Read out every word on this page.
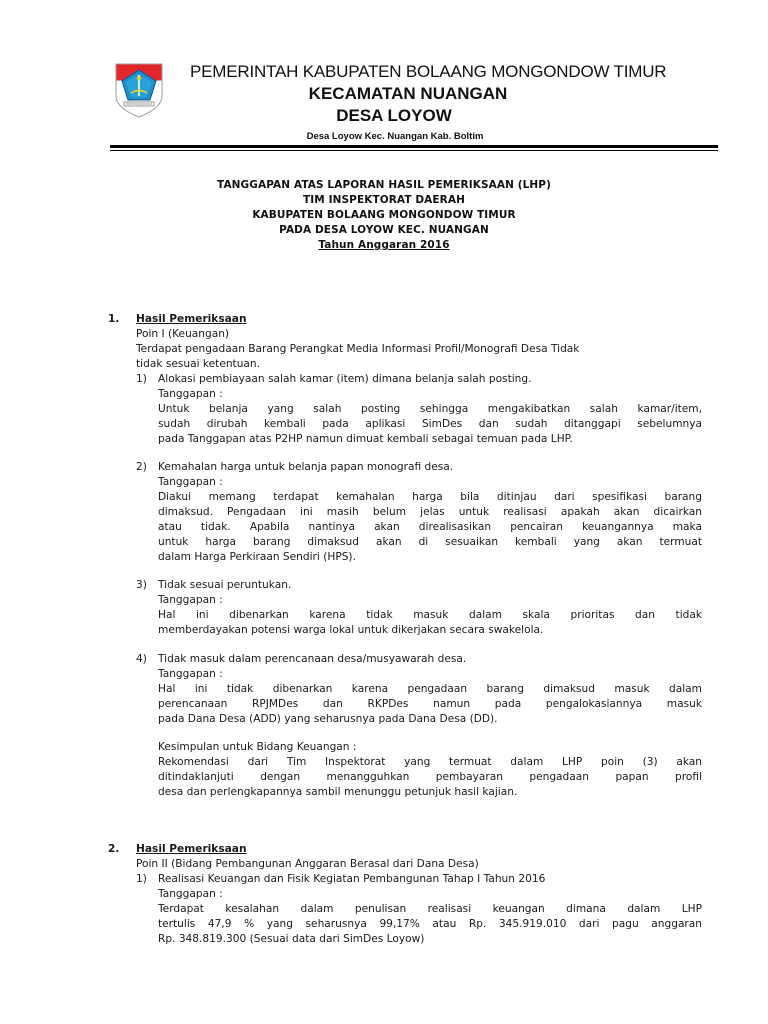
PEMERINTAH KABUPATEN BOLAANG MONGONDOW TIMUR
KECAMATAN NUANGAN
DESA LOYOW
Desa Loyow Kec. Nuangan Kab. Boltim
TANGGAPAN ATAS LAPORAN HASIL PEMERIKSAAN (LHP)
TIM INSPEKTORAT DAERAH
KABUPATEN BOLAANG MONGONDOW TIMUR
PADA DESA LOYOW KEC. NUANGAN
Tahun Anggaran 2016
1. Hasil Pemeriksaan
Poin I (Keuangan)
Terdapat pengadaan Barang Perangkat Media Informasi Profil/Monografi Desa Tidak
tidak sesuai ketentuan.
1) Alokasi pembiayaan salah kamar (item) dimana belanja salah posting.
Tanggapan :
Untuk belanja yang salah posting sehingga mengakibatkan salah kamar/item,
sudah dirubah kembali pada aplikasi SimDes dan sudah ditanggapi sebelumnya
pada Tanggapan atas P2HP namun dimuat kembali sebagai temuan pada LHP.
2) Kemahalan harga untuk belanja papan monografi desa.
Tanggapan :
Diakui memang terdapat kemahalan harga bila ditinjau dari spesifikasi barang
dimaksud. Pengadaan ini masih belum jelas untuk realisasi apakah akan dicairkan
atau tidak. Apabila nantinya akan direalisasikan pencairan keuangannya maka
untuk harga barang dimaksud akan di sesuaikan kembali yang akan termuat
dalam Harga Perkiraan Sendiri (HPS).
3) Tidak sesuai peruntukan.
Tanggapan :
Hal ini dibenarkan karena tidak masuk dalam skala prioritas dan tidak
memberdayakan potensi warga lokal untuk dikerjakan secara swakelola.
4) Tidak masuk dalam perencanaan desa/musyawarah desa.
Tanggapan :
Hal ini tidak dibenarkan karena pengadaan barang dimaksud masuk dalam
perencanaan RPJMDes dan RKPDes namun pada pengalokasiannya masuk
pada Dana Desa (ADD) yang seharusnya pada Dana Desa (DD).
Kesimpulan untuk Bidang Keuangan :
Rekomendasi dari Tim Inspektorat yang termuat dalam LHP poin (3) akan
ditindaklanjuti dengan menangguhkan pembayaran pengadaan papan profil
desa dan perlengkapannya sambil menunggu petunjuk hasil kajian.
2. Hasil Pemeriksaan
Poin II (Bidang Pembangunan Anggaran Berasal dari Dana Desa)
1) Realisasi Keuangan dan Fisik Kegiatan Pembangunan Tahap I Tahun 2016
Tanggapan :
Terdapat kesalahan dalam penulisan realisasi keuangan dimana dalam LHP
tertulis 47,9 % yang seharusnya 99,17% atau Rp. 345.919.010 dari pagu anggaran
Rp. 348.819.300 (Sesuai data dari SimDes Loyow)
